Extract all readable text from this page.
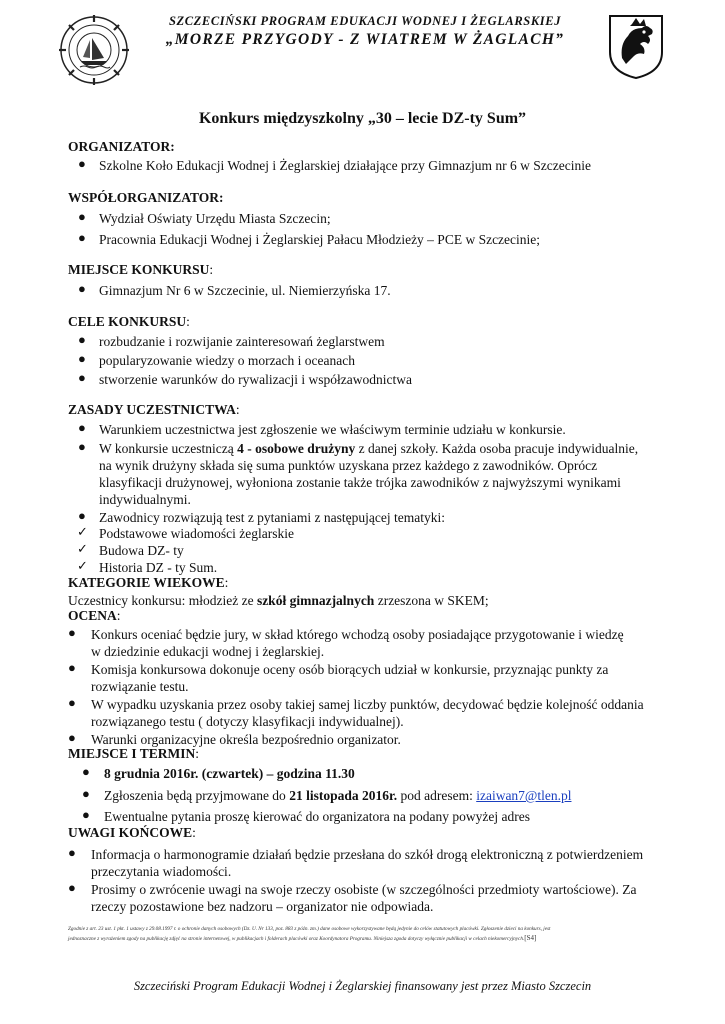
SZCZECIŃSKI PROGRAM EDUKACJI WODNEJ I ŻEGLARSKIEJ
„MORZE PRZYGODY - Z WIATREM W ŻAGLACH”
Konkurs międzyszkolny „30 – lecie DZ-ty Sum”
ORGANIZATOR:
● Szkolne Koło Edukacji Wodnej i Żeglarskiej działające przy Gimnazjum nr 6 w Szczecinie
WSPÓŁORGANIZATOR:
● Wydział Oświaty Urzędu Miasta Szczecin;
● Pracownia Edukacji Wodnej i Żeglarskiej Pałacu Młodzieży – PCE w Szczecinie;
MIEJSCE KONKURSU:
● Gimnazjum Nr 6 w Szczecinie, ul. Niemierzyńska 17.
CELE KONKURSU:
● rozbudzanie i rozwijanie zainteresowań żeglarstwem
● popularyzowanie wiedzy o morzach i oceanach
● stworzenie warunków do rywalizacji i współzawodnictwa
ZASADY UCZESTNICTWA:
● Warunkiem uczestnictwa jest zgłoszenie we właściwym terminie udziału w konkursie.
● W konkursie uczestniczą 4 - osobowe drużyny z danej szkoły. Każda osoba pracuje indywidualnie,
na wynik drużyny składa się suma punktów uzyskana przez każdego z zawodników. Oprócz
klasyfikacji drużynowej, wyłoniona zostanie także trójka zawodników z najwyższymi wynikami
indywidualnymi.
● Zawodnicy rozwiązują test z pytaniami z następującej tematyki:
✓ Podstawowe wiadomości żeglarskie
✓ Budowa DZ- ty
✓ Historia DZ - ty Sum.
KATEGORIE WIEKOWE:
Uczestnicy konkursu: młodzież ze szkół gimnazjalnych zrzeszona w SKEM;
OCENA:
● Konkurs oceniać będzie jury, w skład którego wchodzą osoby posiadające przygotowanie i wiedzę
w dziedzinie edukacji wodnej i żeglarskiej.
● Komisja konkursowa dokonuje oceny osób biorących udział w konkursie, przyznając punkty za
rozwiązanie testu.
● W wypadku uzyskania przez osoby takiej samej liczby punktów, decydować będzie kolejność oddania
rozwiązanego testu ( dotyczy klasyfikacji indywidualnej).
● Warunki organizacyjne określa bezpośrednio organizator.
MIEJSCE I TERMIN:
● 8 grudnia 2016r. (czwartek) – godzina 11.30
● Zgłoszenia będą przyjmowane do 21 listopada 2016r. pod adresem: izaiwan7@tlen.pl
● Ewentualne pytania proszę kierować do organizatora na podany powyżej adres
UWAGI KOŃCOWE:
● Informacja o harmonogramie działań będzie przesłana do szkół drogą elektroniczną z potwierdzeniem
przeczytania wiadomości.
● Prosimy o zwrócenie uwagi na swoje rzeczy osobiste (w szczególności przedmioty wartościowe). Za
rzeczy pozostawione bez nadzoru – organizator nie odpowiada.
Zgodnie z art. 23 ust. 1 pkt. 1 ustawy z 29.08.1997 r. o ochronie danych osobowych (Dz. U. Nr 133, poz. 883 z późn. zm.) dane osobowe wykorzystywane będą jedynie do celów statutowych placówki. Zgłoszenie dzieci na konkurs, jest
jednoznaczne z wyrażeniem zgody na publikację zdjęć na stronie internetowej, w publikacjach i folderach placówki oraz Koordynatora Programu. Niniejsza zgoda dotyczy wyłącznie publikacji w celach niekomercyjnych.[S4]
Szczeciński Program Edukacji Wodnej i Żeglarskiej finansowany jest przez Miasto Szczecin
